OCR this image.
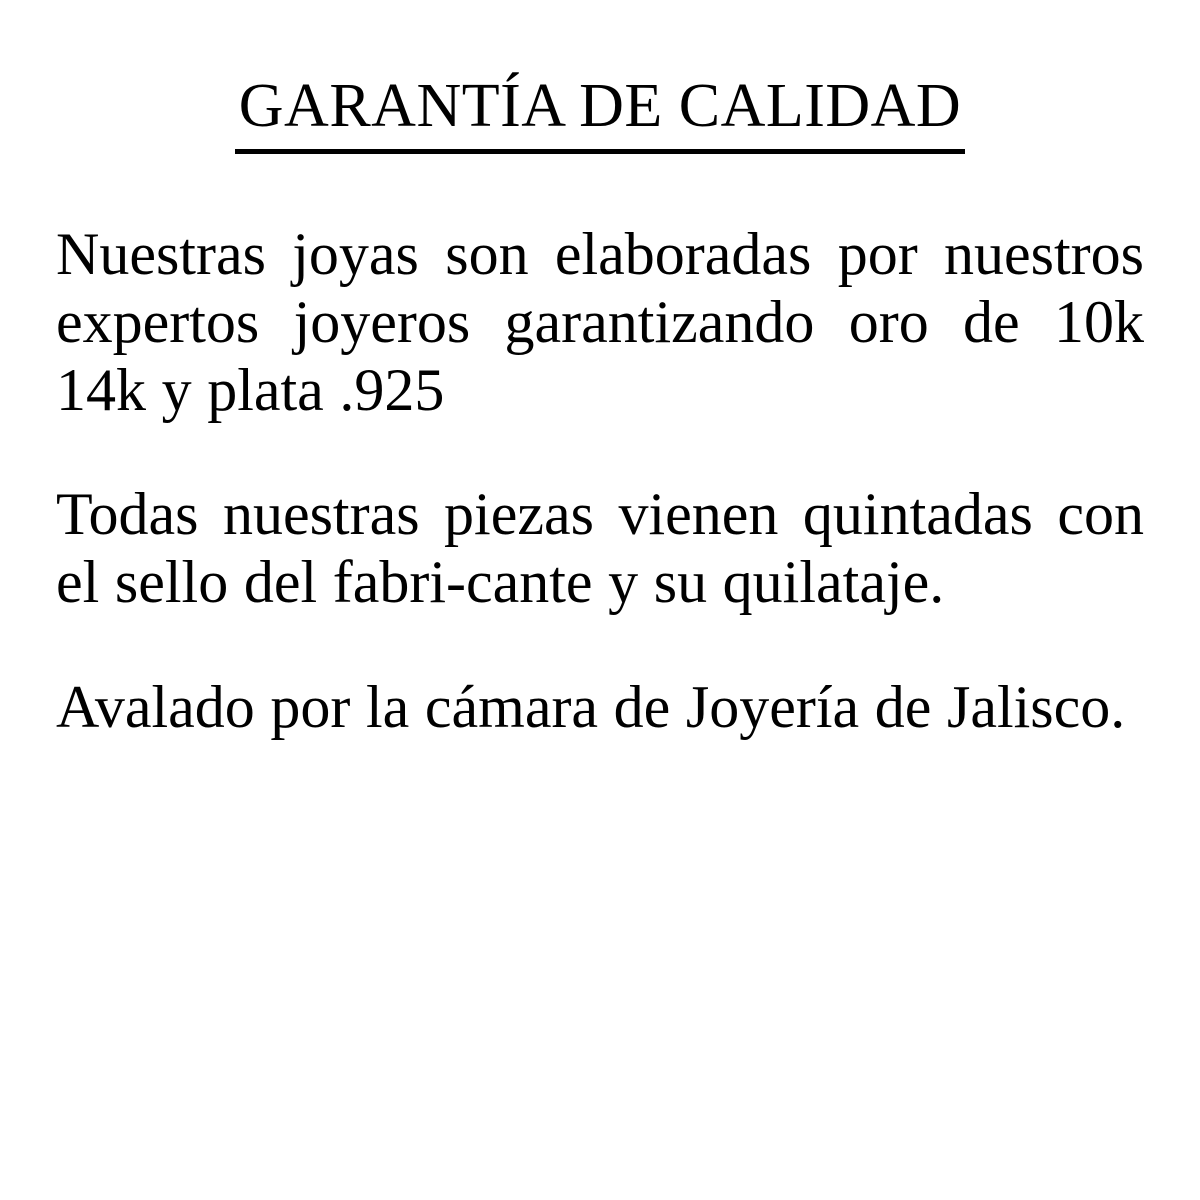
GARANTÍA DE CALIDAD

Nuestras joyas son elaboradas por nuestros expertos joyeros garantizando oro de 10k 14k y plata .925

Todas nuestras piezas vienen quintadas con el sello del fabri-cante y su quilataje.

Avalado por la cámara de Joyería de Jalisco.
